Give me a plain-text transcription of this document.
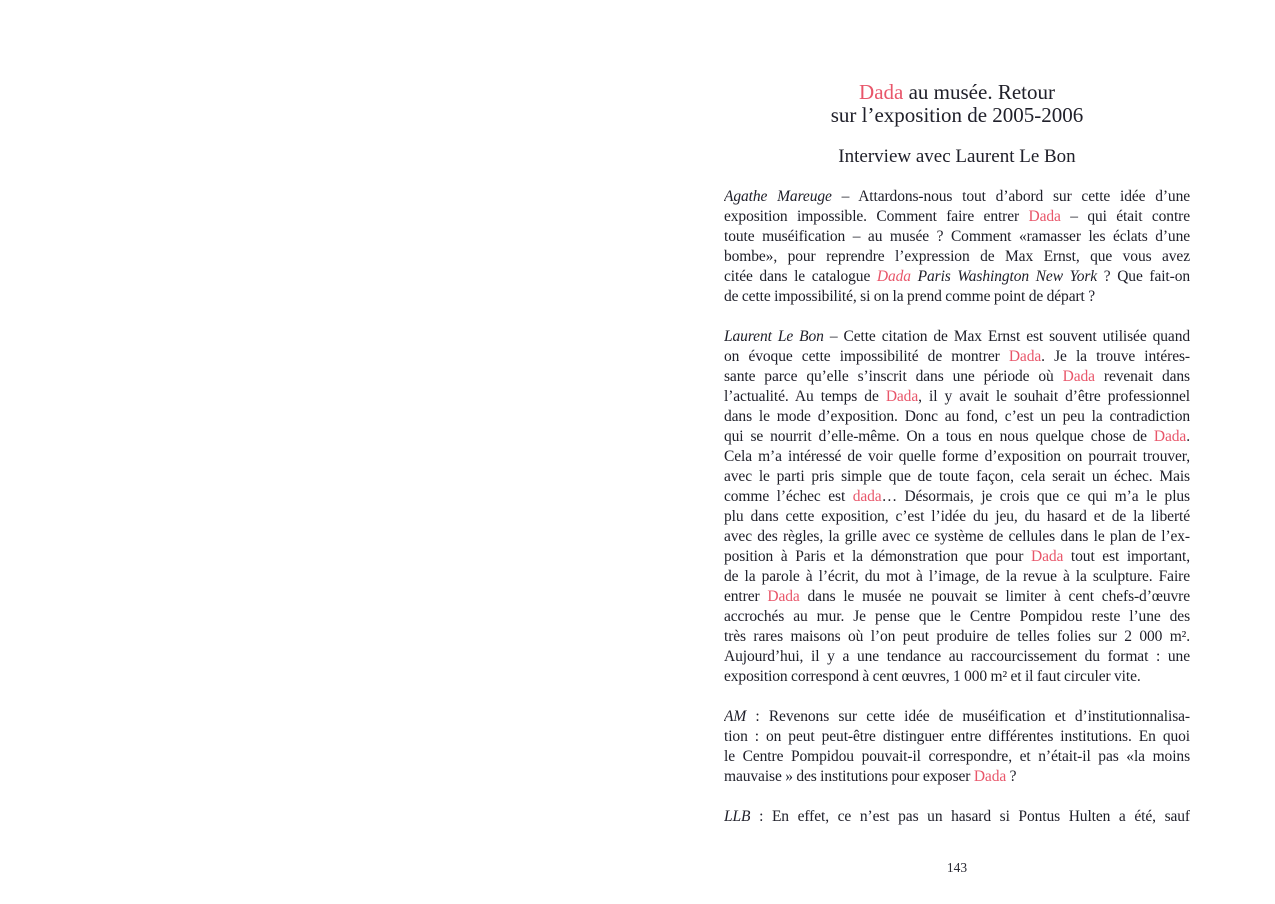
Dada au musée. Retour
sur l’exposition de 2005-2006
Interview avec Laurent Le Bon
Agathe Mareuge – Attardons-nous tout d’abord sur cette idée d’une
exposition impossible. Comment faire entrer Dada – qui était contre
toute muséification – au musée ? Comment «ramasser les éclats d’une
bombe», pour reprendre l’expression de Max Ernst, que vous avez
citée dans le catalogue Dada Paris Washington New York ? Que fait-on
de cette impossibilité, si on la prend comme point de départ ?
Laurent Le Bon – Cette citation de Max Ernst est souvent utilisée quand
on évoque cette impossibilité de montrer Dada. Je la trouve intéres-
sante parce qu’elle s’inscrit dans une période où Dada revenait dans
l’actualité. Au temps de Dada, il y avait le souhait d’être professionnel
dans le mode d’exposition. Donc au fond, c’est un peu la contradiction
qui se nourrit d’elle-même. On a tous en nous quelque chose de Dada.
Cela m’a intéressé de voir quelle forme d’exposition on pourrait trouver,
avec le parti pris simple que de toute façon, cela serait un échec. Mais
comme l’échec est dada… Désormais, je crois que ce qui m’a le plus
plu dans cette exposition, c’est l’idée du jeu, du hasard et de la liberté
avec des règles, la grille avec ce système de cellules dans le plan de l’ex-
position à Paris et la démonstration que pour Dada tout est important,
de la parole à l’écrit, du mot à l’image, de la revue à la sculpture. Faire
entrer Dada dans le musée ne pouvait se limiter à cent chefs-d’œuvre
accrochés au mur. Je pense que le Centre Pompidou reste l’une des
très rares maisons où l’on peut produire de telles folies sur 2 000 m².
Aujourd’hui, il y a une tendance au raccourcissement du format : une
exposition correspond à cent œuvres, 1 000 m² et il faut circuler vite.
AM : Revenons sur cette idée de muséification et d’institutionnalisa-
tion : on peut peut-être distinguer entre différentes institutions. En quoi
le Centre Pompidou pouvait-il correspondre, et n’était-il pas «la moins
mauvaise » des institutions pour exposer Dada ?
LLB : En effet, ce n’est pas un hasard si Pontus Hulten a été, sauf
143
